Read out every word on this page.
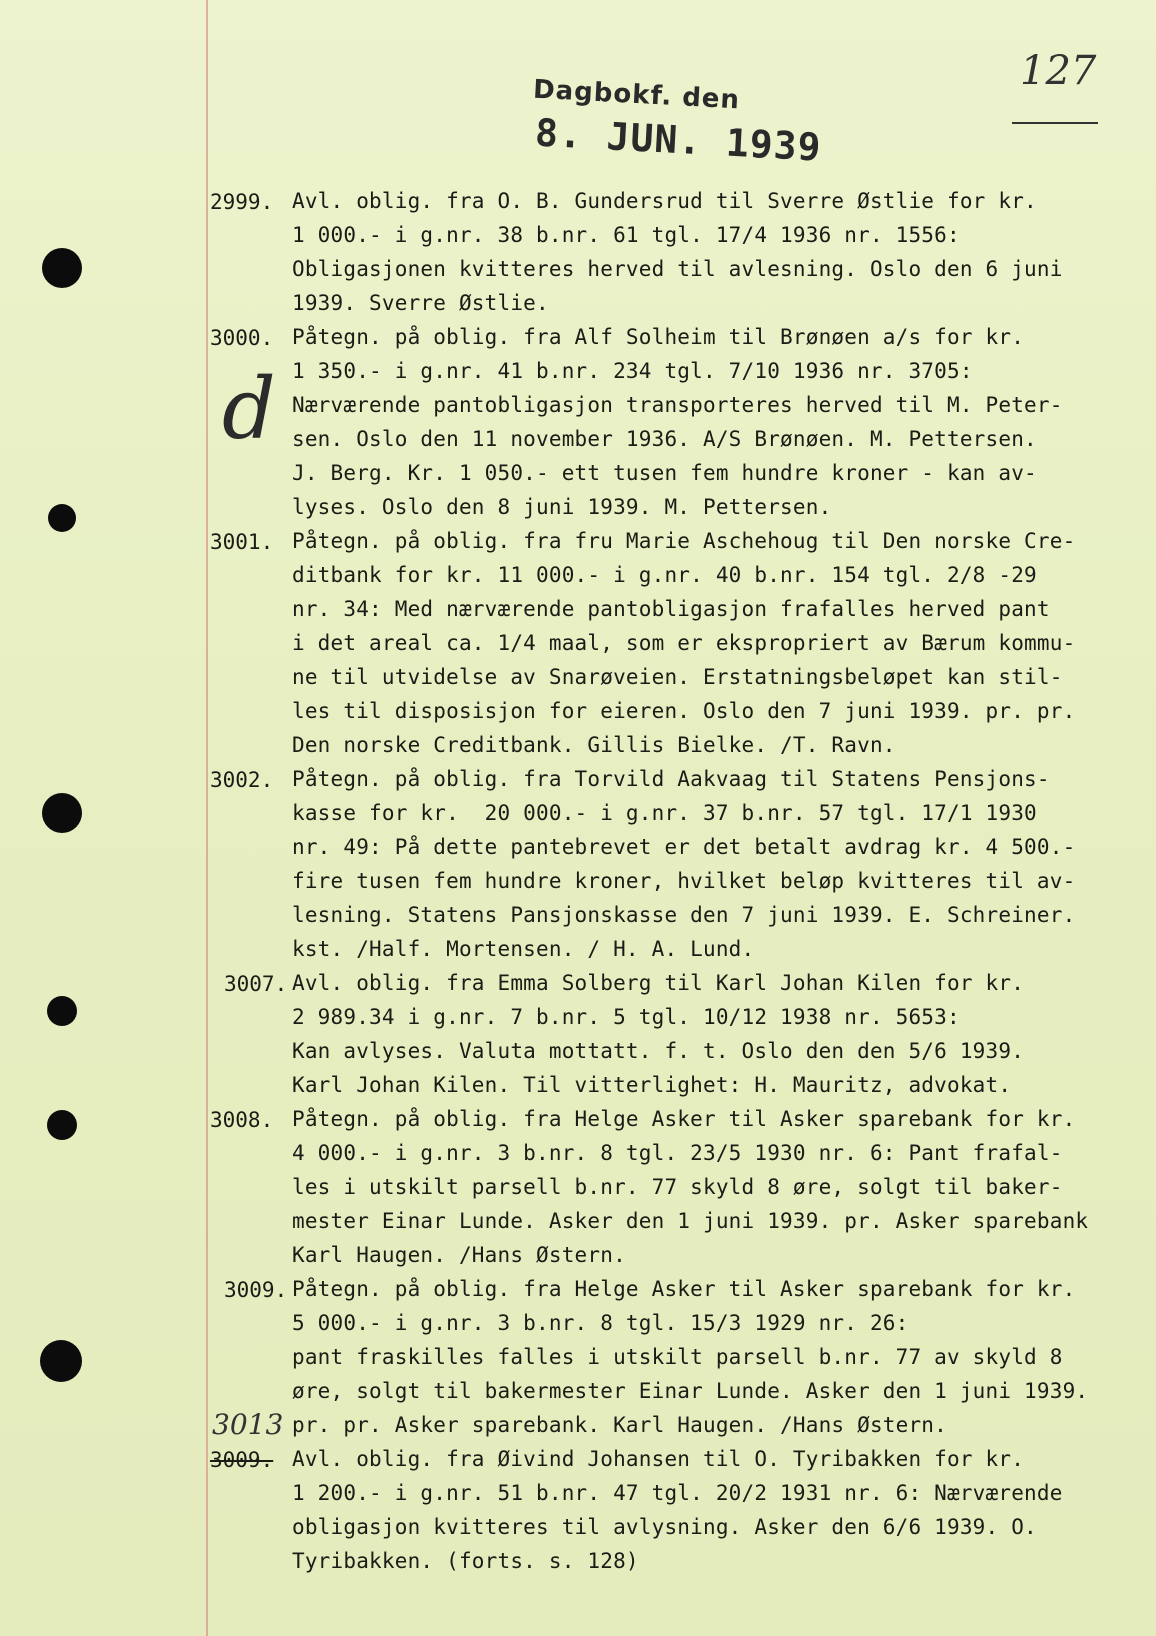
Dagbokf. den
8. JUN. 1939
127
d
2999. Avl. oblig. fra O. B. Gundersrud til Sverre Østlie for kr.
1 000.- i g.nr. 38 b.nr. 61 tgl. 17/4 1936 nr. 1556:
Obligasjonen kvitteres herved til avlesning. Oslo den 6 juni
1939. Sverre Østlie.
3000. Påtegn. på oblig. fra Alf Solheim til Brønøen a/s for kr.
1 350.- i g.nr. 41 b.nr. 234 tgl. 7/10 1936 nr. 3705:
Nærværende pantobligasjon transporteres herved til M. Peter-
sen. Oslo den 11 november 1936. A/S Brønøen. M. Pettersen.
J. Berg. Kr. 1 050.- ett tusen fem hundre kroner - kan av-
lyses. Oslo den 8 juni 1939. M. Pettersen.
3001. Påtegn. på oblig. fra fru Marie Aschehoug til Den norske Cre-
ditbank for kr. 11 000.- i g.nr. 40 b.nr. 154 tgl. 2/8 -29
nr. 34: Med nærværende pantobligasjon frafalles herved pant
i det areal ca. 1/4 maal, som er ekspropriert av Bærum kommu-
ne til utvidelse av Snarøveien. Erstatningsbeløpet kan stil-
les til disposisjon for eieren. Oslo den 7 juni 1939. pr. pr.
Den norske Creditbank. Gillis Bielke. /T. Ravn.
3002. Påtegn. på oblig. fra Torvild Aakvaag til Statens Pensjons-
kasse for kr.  20 000.- i g.nr. 37 b.nr. 57 tgl. 17/1 1930
nr. 49: På dette pantebrevet er det betalt avdrag kr. 4 500.-
fire tusen fem hundre kroner, hvilket beløp kvitteres til av-
lesning. Statens Pansjonskasse den 7 juni 1939. E. Schreiner.
kst. /Half. Mortensen. / H. A. Lund.
3007. Avl. oblig. fra Emma Solberg til Karl Johan Kilen for kr.
2 989.34 i g.nr. 7 b.nr. 5 tgl. 10/12 1938 nr. 5653:
Kan avlyses. Valuta mottatt. f. t. Oslo den den 5/6 1939.
Karl Johan Kilen. Til vitterlighet: H. Mauritz, advokat.
3008. Påtegn. på oblig. fra Helge Asker til Asker sparebank for kr.
4 000.- i g.nr. 3 b.nr. 8 tgl. 23/5 1930 nr. 6: Pant frafal-
les i utskilt parsell b.nr. 77 skyld 8 øre, solgt til baker-
mester Einar Lunde. Asker den 1 juni 1939. pr. Asker sparebank
Karl Haugen. /Hans Østern.
3009. Påtegn. på oblig. fra Helge Asker til Asker sparebank for kr.
5 000.- i g.nr. 3 b.nr. 8 tgl. 15/3 1929 nr. 26:
pant fraskilles falles i utskilt parsell b.nr. 77 av skyld 8
øre, solgt til bakermester Einar Lunde. Asker den 1 juni 1939.
pr. pr. Asker sparebank. Karl Haugen. /Hans Østern.
3013
3009. Avl. oblig. fra Øivind Johansen til O. Tyribakken for kr.
1 200.- i g.nr. 51 b.nr. 47 tgl. 20/2 1931 nr. 6: Nærværende
obligasjon kvitteres til avlysning. Asker den 6/6 1939. O.
Tyribakken. (forts. s. 128)
